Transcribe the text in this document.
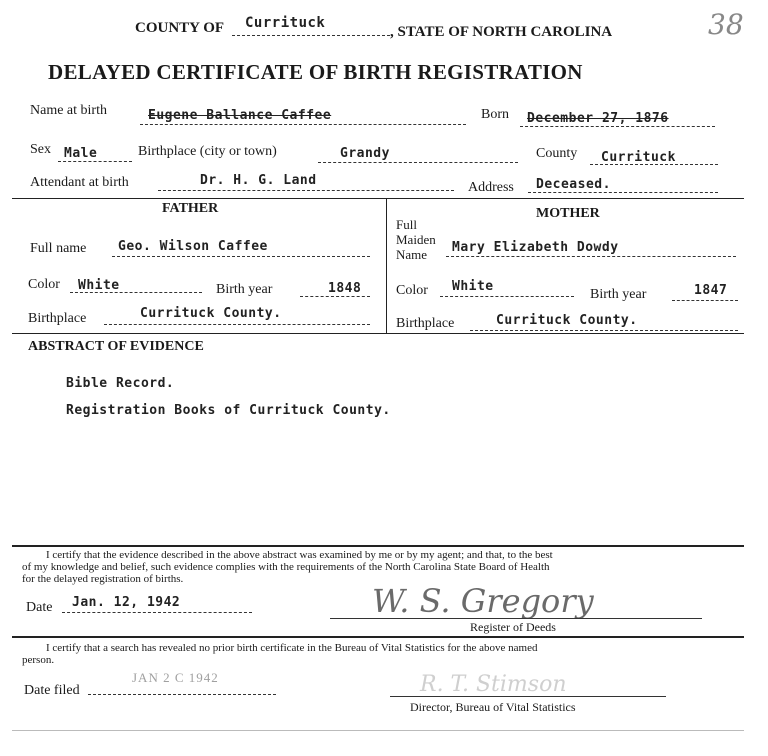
COUNTY OF Currituck
, STATE OF NORTH CAROLINA	38
DELAYED CERTIFICATE OF BIRTH REGISTRATION
Name at birth	Eugene Ballance Caffee	Born December 27, 1876
Sex Male	Birthplace (city or town)	Grandy	County Currituck
Attendant at birth	Dr. H. G. Land	Address Deceased.
FATHER
Full name Geo. Wilson Caffee
Color White	Birth year	1848
Birthplace	Currituck County.
MOTHER
Full
Maiden
Name Mary Elizabeth Dowdy
Color White
Birth year	1847
Birthplace	Currituck County.
ABSTRACT OF EVIDENCE
Bible Record.
Registration Books of Currituck County.
I certify that the evidence described in the above abstract was examined by me or by my agent; and that, to the best
of my knowledge and belief, such evidence complies with the requirements of the North Carolina State Board of Health
for the delayed registration of births.
Date Jan. 12, 1942	W. S. Gregory
Register of Deeds
I certify that a search has revealed no prior birth certificate in the Bureau of Vital Statistics for the above named
person.
Date filed
JAN 2 C 1942	R. T. Stimson
Director, Bureau of Vital Statistics
